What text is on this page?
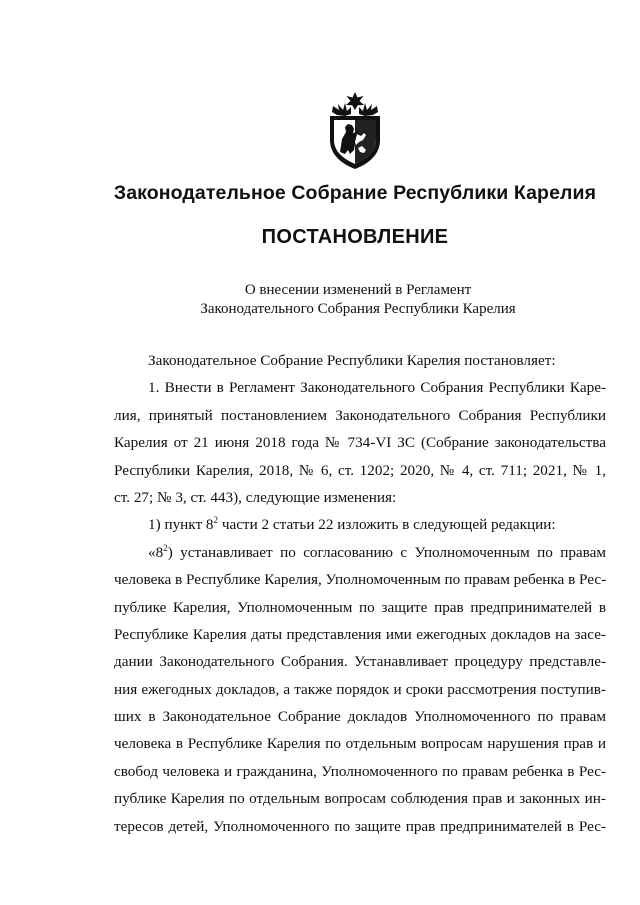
Законодательное Собрание Республики Карелия
ПОСТАНОВЛЕНИЕ
О внесении изменений в Регламент
Законодательного Собрания Республики Карелия
Законодательное Собрание Республики Карелия постановляет:
1. Внести в Регламент Законодательного Собрания Республики Каре-
лия, принятый постановлением Законодательного Собрания Республики
Карелия от 21 июня 2018 года № 734-VI ЗС (Собрание законодательства
Республики Карелия, 2018, № 6, ст. 1202; 2020, № 4, ст. 711; 2021, № 1,
ст. 27; № 3, ст. 443), следующие изменения:
1) пункт $8^2$ части 2 статьи 22 изложить в следующей редакции:
«$8^2$) устанавливает по согласованию с Уполномоченным по правам
человека в Республике Карелия, Уполномоченным по правам ребенка в Рес-
публике Карелия, Уполномоченным по защите прав предпринимателей в
Республике Карелия даты представления ими ежегодных докладов на засе-
дании Законодательного Собрания. Устанавливает процедуру представле-
ния ежегодных докладов, а также порядок и сроки рассмотрения поступив-
ших в Законодательное Собрание докладов Уполномоченного по правам
человека в Республике Карелия по отдельным вопросам нарушения прав и
свобод человека и гражданина, Уполномоченного по правам ребенка в Рес-
публике Карелия по отдельным вопросам соблюдения прав и законных ин-
тересов детей, Уполномоченного по защите прав предпринимателей в Рес-
